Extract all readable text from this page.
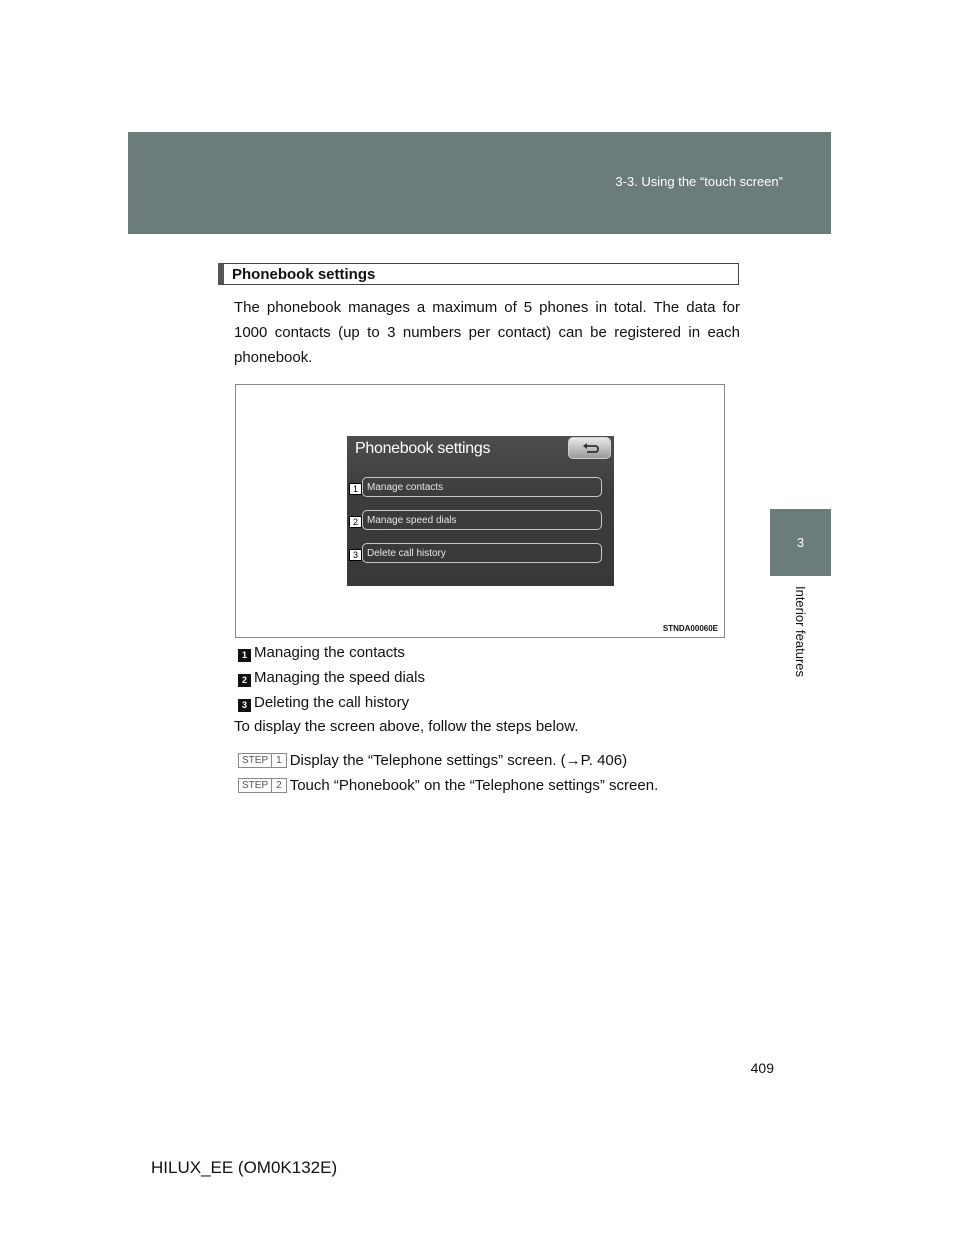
3-3. Using the “touch screen”
3
Interior features
Phonebook settings
The phonebook manages a maximum of 5 phones in total. The data for 1000 contacts (up to 3 numbers per contact) can be registered in each phonebook.
Phonebook settings
1 Manage contacts
2 Manage speed dials
3 Delete call history
STNDA00060E
1 Managing the contacts
2 Managing the speed dials
3 Deleting the call history
To display the screen above, follow the steps below.
STEP 1 Display the “Telephone settings” screen. (→P. 406)
STEP 2 Touch “Phonebook” on the “Telephone settings” screen.
409
HILUX_EE (OM0K132E)
